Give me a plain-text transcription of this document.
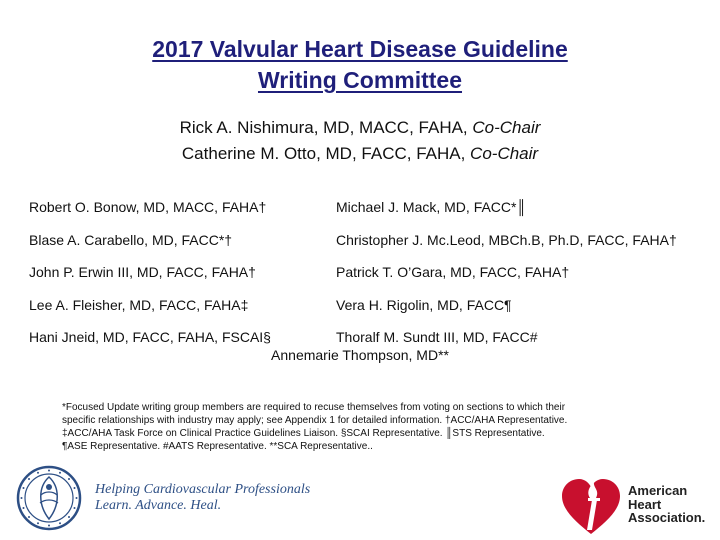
2017 Valvular Heart Disease Guideline
Writing Committee
Rick A. Nishimura, MD, MACC, FAHA, Co-Chair
Catherine M. Otto, MD, FACC, FAHA, Co-Chair
Robert O. Bonow, MD, MACC, FAHA†
Blase A. Carabello, MD, FACC*†
John P. Erwin III, MD, FACC, FAHA†
Lee A. Fleisher, MD, FACC, FAHA‡
Hani Jneid, MD, FACC, FAHA, FSCAI§
Michael J. Mack, MD, FACC*║
Christopher J. Mc.Leod, MBCh.B, Ph.D, FACC, FAHA†
Patrick T. O’Gara, MD, FACC, FAHA†
Vera H. Rigolin, MD, FACC¶
Thoralf M. Sundt III, MD, FACC#
Annemarie Thompson, MD**
*Focused Update writing group members are required to recuse themselves from voting on sections to which their
specific relationships with industry may apply; see Appendix 1 for detailed information. †ACC/AHA Representative.
‡ACC/AHA Task Force on Clinical Practice Guidelines Liaison. §SCAI Representative. ║STS Representative.
¶ASE Representative. #AATS Representative. **SCA Representative..
Helping Cardiovascular Professionals
Learn. Advance. Heal.
American
Heart
Association.
